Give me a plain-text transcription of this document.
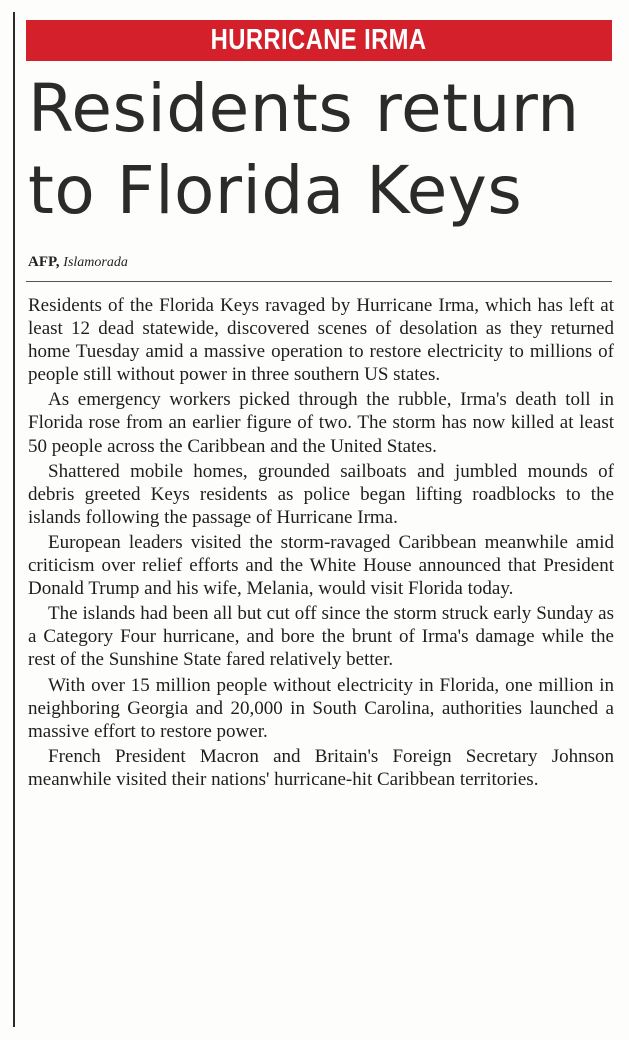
HURRICANE IRMA
Residents return
to Florida Keys
AFP, Islamorada

Residents of the Florida Keys ravaged by Hurricane Irma, which has left at least 12 dead statewide, discovered scenes of desolation as they returned home Tuesday amid a massive operation to restore electricity to millions of people still without power in three southern US states.

As emergency workers picked through the rubble, Irma's death toll in Florida rose from an earlier figure of two. The storm has now killed at least 50 people across the Caribbean and the United States.

Shattered mobile homes, grounded sailboats and jumbled mounds of debris greeted Keys residents as police began lifting roadblocks to the islands following the passage of Hurricane Irma.

European leaders visited the storm-ravaged Caribbean meanwhile amid criticism over relief efforts and the White House announced that President Donald Trump and his wife, Melania, would visit Florida today.

The islands had been all but cut off since the storm struck early Sunday as a Category Four hurricane, and bore the brunt of Irma's damage while the rest of the Sunshine State fared relatively better.

With over 15 million people without electricity in Florida, one million in neighboring Georgia and 20,000 in South Carolina, authorities launched a massive effort to restore power.

French President Macron and Britain's Foreign Secretary Johnson meanwhile visited their nations' hurricane-hit Caribbean territories.
